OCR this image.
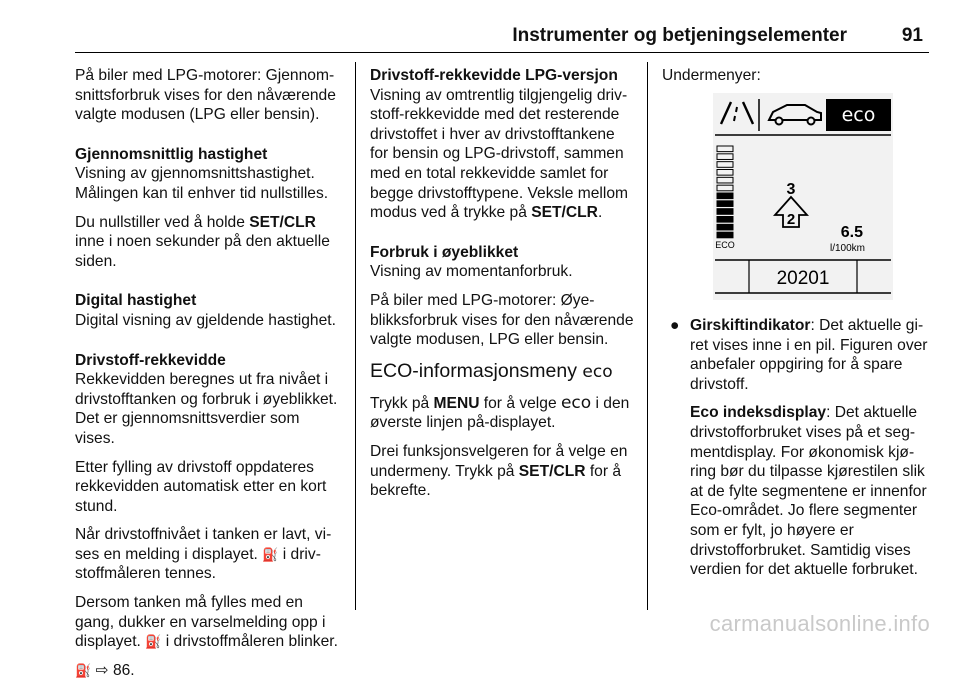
Instrumenter og betjeningselementer	91

På biler med LPG-motorer: Gjennomsnittsforbruk vises for den nåværende valgte modusen (LPG eller bensin).

Gjennomsnittlig hastighet

Visning av gjennomsnittshastighet. Målingen kan til enhver tid nullstilles.

Du nullstiller ved å holde SET/CLR inne i noen sekunder på den aktuelle siden.

Digital hastighet

Digital visning av gjeldende hastighet.

Drivstoff-rekkevidde

Rekkevidden beregnes ut fra nivået i drivstofftanken og forbruk i øyeblikket. Det er gjennomsnittsverdier som vises.

Etter fylling av drivstoff oppdateres rekkevidden automatisk etter en kort stund.

Når drivstoffnivået i tanken er lavt, vises en melding i displayet. ⛽ i drivstoffmåleren tennes.

Dersom tanken må fylles med en gang, dukker en varselmelding opp i displayet. ⛽ i drivstoffmåleren blinker.

⛽ ⇨ 86.

Drivstoff-rekkevidde LPG-versjon

Visning av omtrentlig tilgjengelig drivstoff-rekkevidde med det resterende drivstoffet i hver av drivstofftankene for bensin og LPG-drivstoff, sammen med en total rekkevidde samlet for begge drivstofftypene. Veksle mellom modus ved å trykke på SET/CLR.

Forbruk i øyeblikket

Visning av momentanforbruk.

På biler med LPG-motorer: Øyeblikksforbruk vises for den nåværende valgte modusen, LPG eller bensin.

ECO-informasjonsmeny eco

Trykk på MENU for å velge eco i den øverste linjen på-displayet.

Drei funksjonsvelgeren for å velge en undermeny. Trykk på SET/CLR for å bekrefte.

Undermenyer:

eco
ECO
3
2
6.5
l/100km
20201
● Girskiftindikator: Det aktuelle giret vises inne i en pil. Figuren over anbefaler oppgiring for å spare drivstoff.
Eco indeksdisplay: Det aktuelle drivstofforbruket vises på et segmentdisplay. For økonomisk kjøring bør du tilpasse kjørestilen slik at de fylte segmentene er innenfor Eco-området. Jo flere segmenter som er fylt, jo høyere er drivstofforbruket. Samtidig vises verdien for det aktuelle forbruket.
carmanualsonline.info
